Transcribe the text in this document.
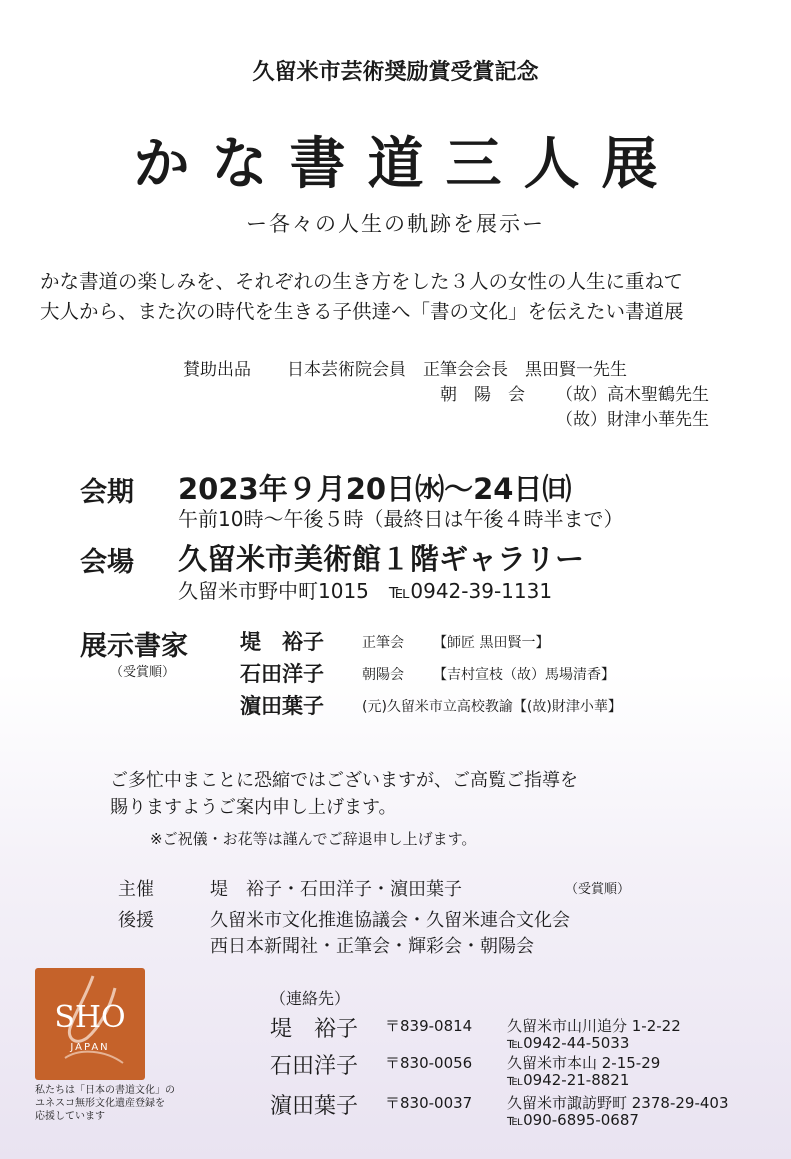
久留米市芸術奨励賞受賞記念
かな書道三人展
ー各々の人生の軌跡を展示ー
かな書道の楽しみを、それぞれの生き方をした３人の女性の人生に重ねて
大人から、また次の時代を生きる子供達へ「書の文化」を伝えたい書道展
賛助出品 日本芸術院会員　正筆会会長　黒田賢一先生
朝　陽　会 （故）高木聖鶴先生
（故）財津小華先生
会期 2023年９月20日㈬〜24日㈰
午前10時〜午後５時（最終日は午後４時半まで）
会場 久留米市美術館１階ギャラリー
久留米市野中町1015　℡0942-39-1131
展示書家
（受賞順）
堤　裕子	正筆会 【師匠 黒田賢一】
石田洋子	朝陽会 【吉村宣枝（故）馬場清香】
濵田葉子	(元)久留米市立高校教諭【(故)財津小華】
ご多忙中まことに恐縮ではございますが、ご高覧ご指導を
賜りますようご案内申し上げます。
※ご祝儀・お花等は謹んでご辞退申し上げます。
主催	堤　裕子・石田洋子・濵田葉子	（受賞順）
後援	久留米市文化推進協議会・久留米連合文化会
西日本新聞社・正筆会・輝彩会・朝陽会
SHO
JAPAN
私たちは「日本の書道文化」の
ユネスコ無形文化遺産登録を
応援しています
（連絡先）
堤　裕子 〒839-0814 久留米市山川追分 1-2-22
℡0942-44-5033
石田洋子 〒830-0056 久留米市本山 2-15-29
℡0942-21-8821
濵田葉子 〒830-0037 久留米市諏訪野町 2378-29-403
℡090-6895-0687
